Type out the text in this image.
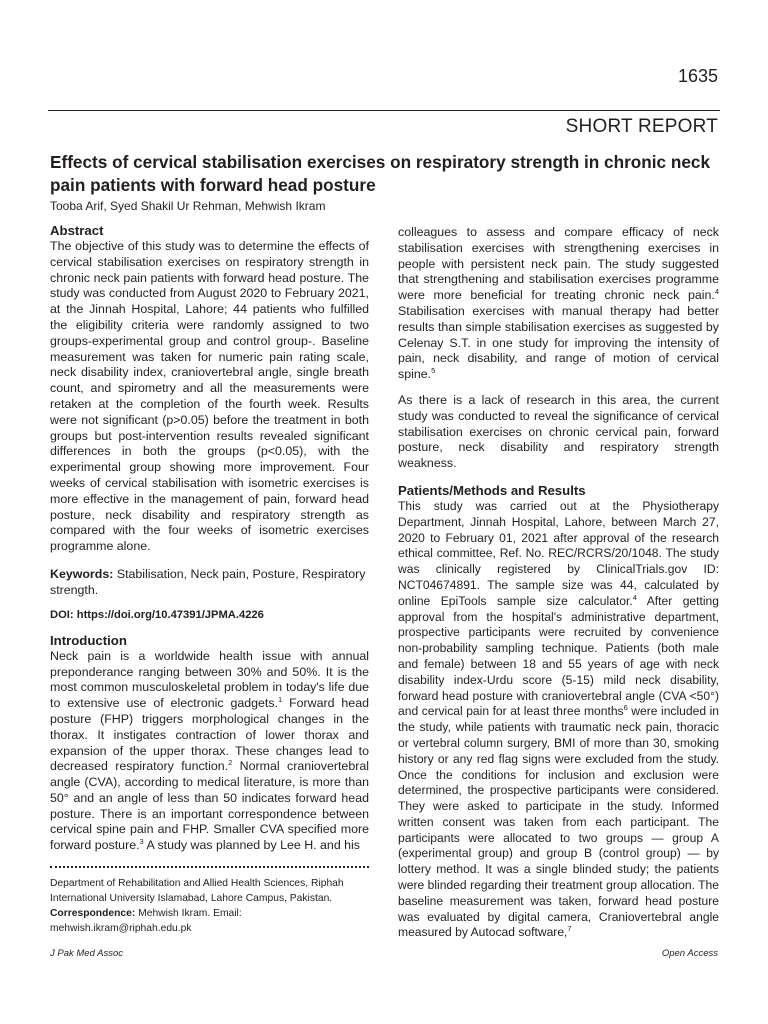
1635
SHORT REPORT
Effects of cervical stabilisation exercises on respiratory strength in chronic neck pain patients with forward head posture
Tooba Arif, Syed Shakil Ur Rehman, Mehwish Ikram
Abstract

The objective of this study was to determine the effects of cervical stabilisation exercises on respiratory strength in chronic neck pain patients with forward head posture. The study was conducted from August 2020 to February 2021, at the Jinnah Hospital, Lahore; 44 patients who fulfilled the eligibility criteria were randomly assigned to two groups-experimental group and control group-. Baseline measurement was taken for numeric pain rating scale, neck disability index, craniovertebral angle, single breath count, and spirometry and all the measurements were retaken at the completion of the fourth week. Results were not significant (p>0.05) before the treatment in both groups but post-intervention results revealed significant differences in both the groups (p<0.05), with the experimental group showing more improvement. Four weeks of cervical stabilisation with isometric exercises is more effective in the management of pain, forward head posture, neck disability and respiratory strength as compared with the four weeks of isometric exercises programme alone.

Keywords: Stabilisation, Neck pain, Posture, Respiratory strength.

DOI: https://doi.org/10.47391/JPMA.4226

Introduction

Neck pain is a worldwide health issue with annual preponderance ranging between 30% and 50%. It is the most common musculoskeletal problem in today's life due to extensive use of electronic gadgets.$^1$ Forward head posture (FHP) triggers morphological changes in the thorax. It instigates contraction of lower thorax and expansion of the upper thorax. These changes lead to decreased respiratory function.$^2$ Normal craniovertebral angle (CVA), according to medical literature, is more than 50° and an angle of less than 50 indicates forward head posture. There is an important correspondence between cervical spine pain and FHP. Smaller CVA specified more forward posture.$^3$ A study was planned by Lee H. and his

Department of Rehabilitation and Allied Health Sciences, Riphah International University Islamabad, Lahore Campus, Pakistan.

Correspondence: Mehwish Ikram. Email: mehwish.ikram@riphah.edu.pk

colleagues to assess and compare efficacy of neck stabilisation exercises with strengthening exercises in people with persistent neck pain. The study suggested that strengthening and stabilisation exercises programme were more beneficial for treating chronic neck pain.$^4$ Stabilisation exercises with manual therapy had better results than simple stabilisation exercises as suggested by Celenay S.T. in one study for improving the intensity of pain, neck disability, and range of motion of cervical spine.$^5$

As there is a lack of research in this area, the current study was conducted to reveal the significance of cervical stabilisation exercises on chronic cervical pain, forward posture, neck disability and respiratory strength weakness.

Patients/Methods and Results

This study was carried out at the Physiotherapy Department, Jinnah Hospital, Lahore, between March 27, 2020 to February 01, 2021 after approval of the research ethical committee, Ref. No. REC/RCRS/20/1048. The study was clinically registered by ClinicalTrials.gov ID: NCT04674891. The sample size was 44, calculated by online EpiTools sample size calculator.$^4$ After getting approval from the hospital's administrative department, prospective participants were recruited by convenience non-probability sampling technique. Patients (both male and female) between 18 and 55 years of age with neck disability index-Urdu score (5-15) mild neck disability, forward head posture with craniovertebral angle (CVA <50°) and cervical pain for at least three months$^6$ were included in the study, while patients with traumatic neck pain, thoracic or vertebral column surgery, BMI of more than 30, smoking history or any red flag signs were excluded from the study. Once the conditions for inclusion and exclusion were determined, the prospective participants were considered. They were asked to participate in the study. Informed written consent was taken from each participant. The participants were allocated to two groups — group A (experimental group) and group B (control group) — by lottery method. It was a single blinded study; the patients were blinded regarding their treatment group allocation. The baseline measurement was taken, forward head posture was evaluated by digital camera, Craniovertebral angle measured by Autocad software,$^7$

J Pak Med Assoc	Open Access
